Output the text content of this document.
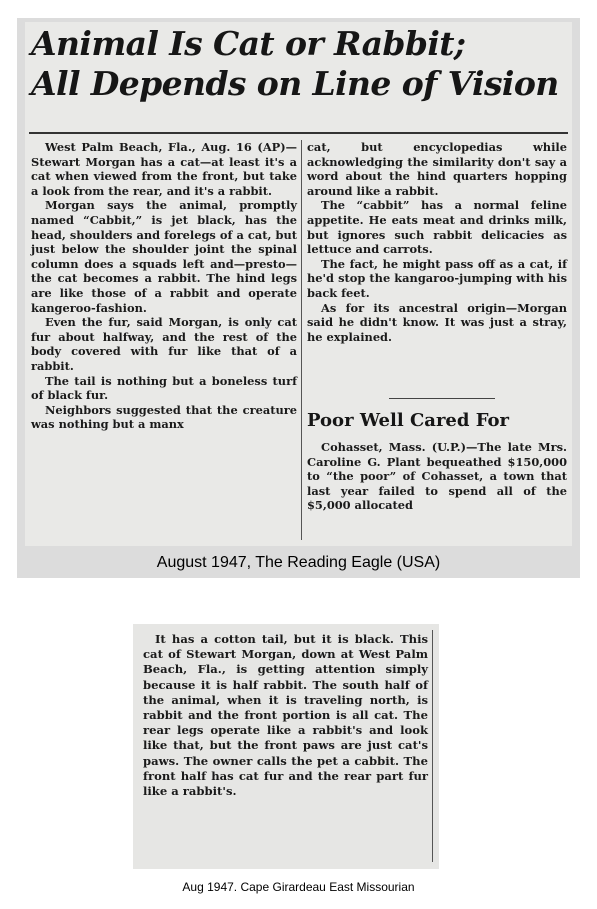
Animal Is Cat or Rabbit;
All Depends on Line of Vision

West Palm Beach, Fla., Aug. 16 (AP)—Stewart Morgan has a cat—at least it's a cat when viewed from the front, but take a look from the rear, and it's a rabbit.

Morgan says the animal, promptly named “Cabbit,” is jet black, has the head, shoulders and forelegs of a cat, but just below the shoulder joint the spinal column does a squads left and—presto—the cat becomes a rabbit. The hind legs are like those of a rabbit and operate kangeroo-fashion.

Even the fur, said Morgan, is only cat fur about halfway, and the rest of the body covered with fur like that of a rabbit.

The tail is nothing but a boneless turf of black fur.

Neighbors suggested that the creature was nothing but a manx

cat, but encyclopedias while acknowledging the similarity don't say a word about the hind quarters hopping around like a rabbit.

The “cabbit” has a normal feline appetite. He eats meat and drinks milk, but ignores such rabbit delicacies as lettuce and carrots.

The fact, he might pass off as a cat, if he'd stop the kangaroo-jumping with his back feet.

As for its ancestral origin—Morgan said he didn't know. It was just a stray, he explained.

Poor Well Cared For

Cohasset, Mass. (U.P.)—The late Mrs. Caroline G. Plant bequeathed $150,000 to “the poor” of Cohasset, a town that last year failed to spend all of the $5,000 allocated

August 1947, The Reading Eagle (USA)

It has a cotton tail, but it is black. This cat of Stewart Morgan, down at West Palm Beach, Fla., is getting attention simply because it is half rabbit. The south half of the animal, when it is traveling north, is rabbit and the front portion is all cat. The rear legs operate like a rabbit's and look like that, but the front paws are just cat's paws. The owner calls the pet a cabbit. The front half has cat fur and the rear part fur like a rabbit's.

Aug 1947. Cape Girardeau East Missourian
